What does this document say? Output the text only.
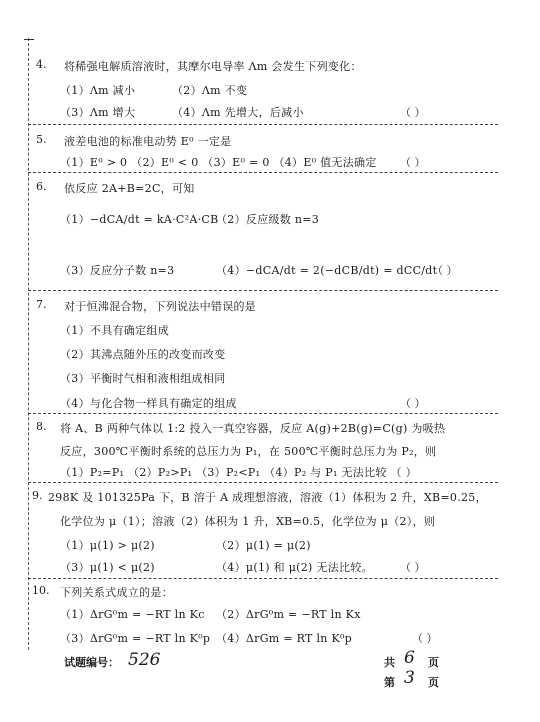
4. 将稀强电解质溶液时，其摩尔电导率 Λm 会发生下列变化：
（1）Λm 减小	（2）Λm 不变
（3）Λm 增大	（4）Λm 先增大，后减小	（ ）
5. 液差电池的标准电动势 E⁰ 一定是
（1）E⁰ > 0 （2）E⁰ < 0 （3）E⁰ = 0 （4）E⁰ 值无法确定 （ ）
6. 依反应 2A+B=2C，可知
（1）−dCA/dt = kA·C²A·CB
（2）反应级数 n=3
（3）反应分子数 n=3	（4）−dCA/dt = 2(−dCB/dt) = dCC/dt
（ ）
7. 对于恒沸混合物，下列说法中错误的是
（1）不具有确定组成
（2）其沸点随外压的改变而改变
（3）平衡时气相和液相组成相同
（4）与化合物一样具有确定的组成	（ ）
8. 将 A、B 两种气体以 1:2 投入一真空容器，反应 A(g)+2B(g)=C(g) 为吸热
反应，300℃平衡时系统的总压力为 P₁，在 500℃平衡时总压力为 P₂，则
（1）P₂=P₁ （2）P₂>P₁ （3）P₂<P₁ （4）P₂ 与 P₁ 无法比较 （ ）
9. 298K 及 101325Pa 下，B 溶于 A 成理想溶液，溶液（1）体积为 2 升，XB=0.25，
化学位为 μ（1）；溶液（2）体积为 1 升，XB=0.5，化学位为 μ（2），则
（1）μ(1) > μ(2)	（2）μ(1) = μ(2)
（3）μ(1) < μ(2)	（4）μ(1) 和 μ(2) 无法比较。 （ ）
10. 下列关系式成立的是：
（1）ΔrG⁰m = −RT ln Kc （2）ΔrG⁰m = −RT ln Kx
（3）ΔrG⁰m = −RT ln K⁰p （4）ΔrGm = RT ln K⁰p	（ ）
试题编号： 526	共 6 页
第 3 页
